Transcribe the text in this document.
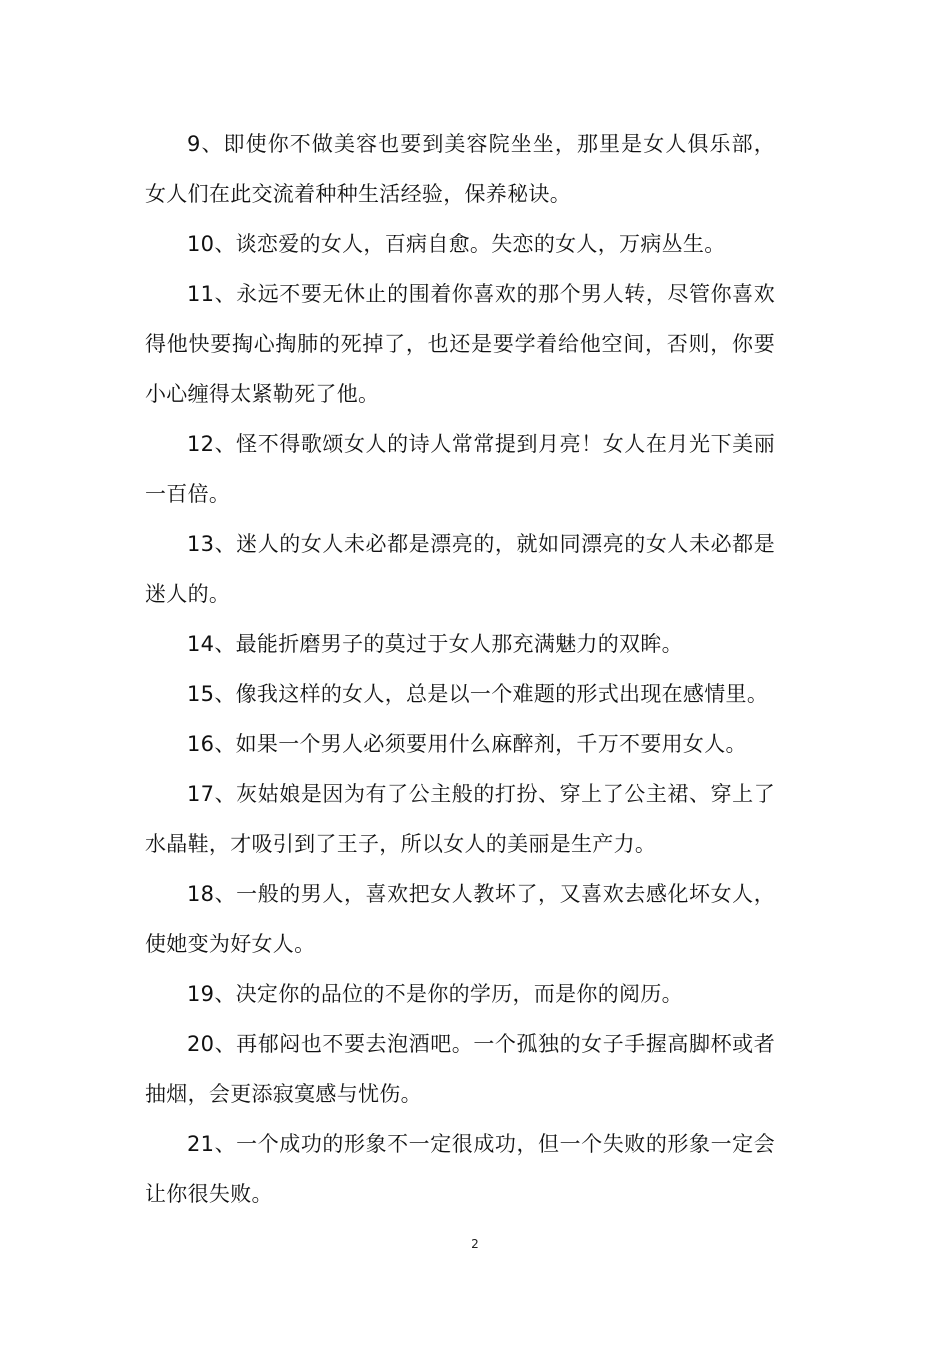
9、即使你不做美容也要到美容院坐坐，那里是女人俱乐部，女人们在此交流着种种生活经验，保养秘诀。

10、谈恋爱的女人，百病自愈。失恋的女人，万病丛生。

11、永远不要无休止的围着你喜欢的那个男人转，尽管你喜欢得他快要掏心掏肺的死掉了，也还是要学着给他空间，否则，你要小心缠得太紧勒死了他。

12、怪不得歌颂女人的诗人常常提到月亮！女人在月光下美丽一百倍。

13、迷人的女人未必都是漂亮的，就如同漂亮的女人未必都是迷人的。

14、最能折磨男子的莫过于女人那充满魅力的双眸。

15、像我这样的女人，总是以一个难题的形式出现在感情里。

16、如果一个男人必须要用什么麻醉剂，千万不要用女人。

17、灰姑娘是因为有了公主般的打扮、穿上了公主裙、穿上了水晶鞋，才吸引到了王子，所以女人的美丽是生产力。

18、一般的男人，喜欢把女人教坏了，又喜欢去感化坏女人，使她变为好女人。

19、决定你的品位的不是你的学历，而是你的阅历。

20、再郁闷也不要去泡酒吧。一个孤独的女子手握高脚杯或者抽烟，会更添寂寞感与忧伤。

21、一个成功的形象不一定很成功，但一个失败的形象一定会让你很失败。

2
